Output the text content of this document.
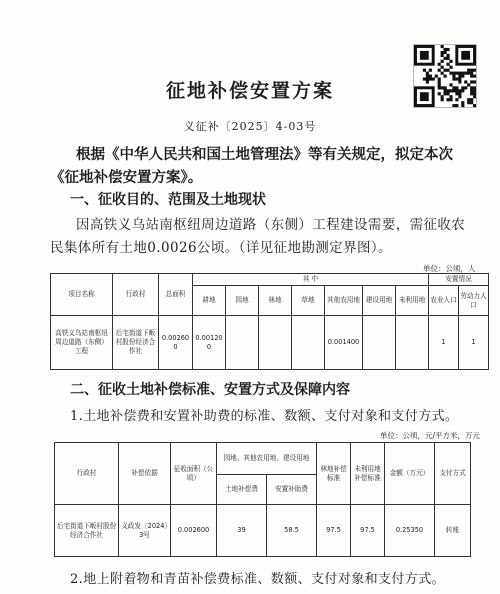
征地补偿安置方案
义征补〔2025〕4-03号
根据《中华人民共和国土地管理法》等有关规定，拟定本次《征地补偿安置方案》。
一、征收目的、范围及土地现状
因高铁义乌站南枢纽周边道路（东侧）工程建设需要，需征收农民集体所有土地0.0026公顷。（详见征地勘测定界图）。
单位：公顷，人
项目名称	行政村	总面积	其 中							安置情况	
			耕地	园地	林地	草地	其他农用地	建设用地	未利用地	农业人口	劳动力人口
高铁义乌站南枢纽周边道路（东侧）工程	后宅街道下畈村股份经济合作社	0.002600	0.001200				0.001400			1	1
二、征收土地补偿标准、安置方式及保障内容
1.土地补偿费和安置补助费的标准、数额、支付对象和支付方式。
单位：公顷，元/平方米，万元
行政村	补偿依据	征收面积（公顷）	园地、其他农用地、建设用地		林地补偿标准	未利用地补偿标准	金额（万元）	支付方式
			土地补偿费	安置补助费				
后宅街道下畈村股份经济合作社	义政发〔2024〕3号	0.002600	39	58.5	97.5	97.5	0.25350	转账
2.地上附着物和青苗补偿费标准、数额、支付对象和支付方式。
